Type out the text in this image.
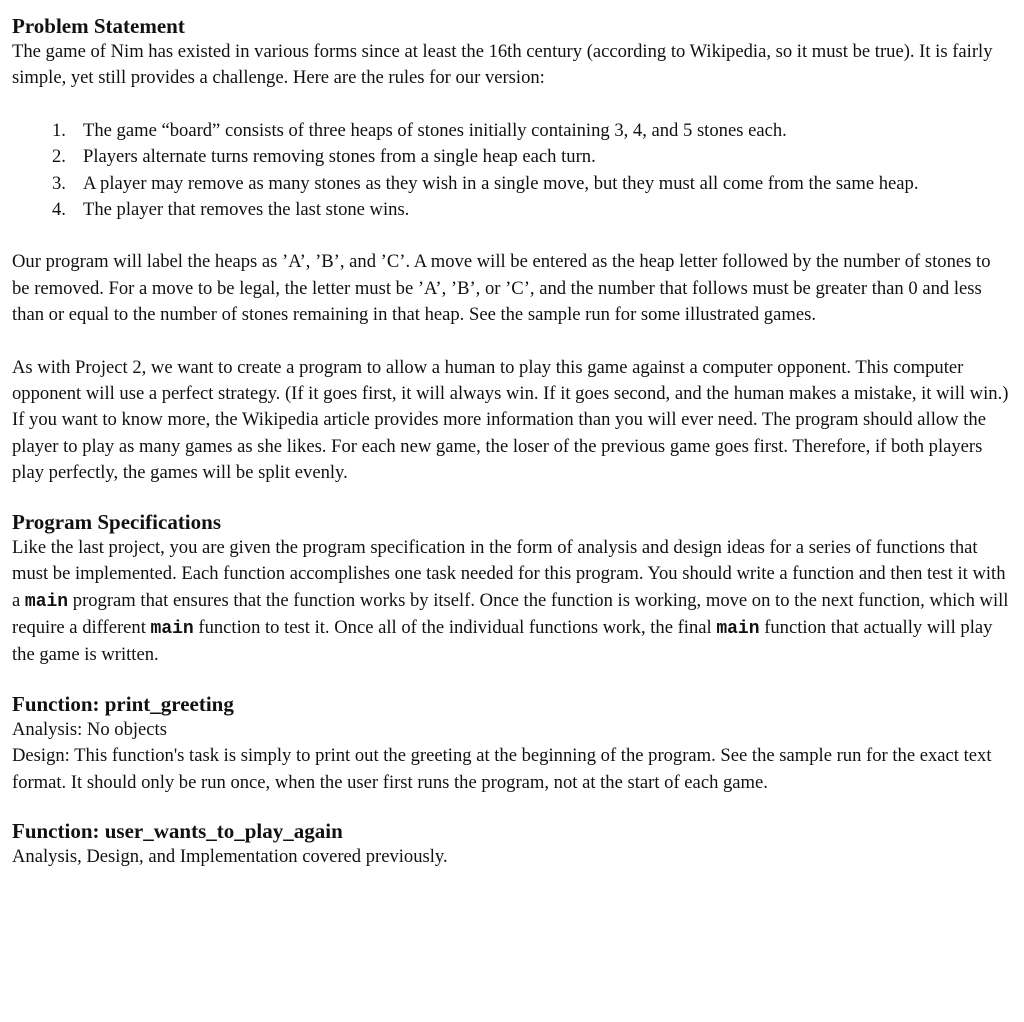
Problem Statement

The game of Nim has existed in various forms since at least the 16th century (according to Wikipedia, so it must be true). It is fairly simple, yet still provides a challenge. Here are the rules for our version:

1. The game “board” consists of three heaps of stones initially containing 3, 4, and 5 stones each.
2. Players alternate turns removing stones from a single heap each turn.
3. A player may remove as many stones as they wish in a single move, but they must all come from the same heap.
4. The player that removes the last stone wins.

Our program will label the heaps as ’A’, ’B’, and ’C’. A move will be entered as the heap letter followed by the number of stones to be removed. For a move to be legal, the letter must be ’A’, ’B’, or ’C’, and the number that follows must be greater than 0 and less than or equal to the number of stones remaining in that heap. See the sample run for some illustrated games.

As with Project 2, we want to create a program to allow a human to play this game against a computer opponent. This computer opponent will use a perfect strategy. (If it goes first, it will always win. If it goes second, and the human makes a mistake, it will win.) If you want to know more, the Wikipedia article provides more information than you will ever need. The program should allow the player to play as many games as she likes. For each new game, the loser of the previous game goes first. Therefore, if both players play perfectly, the games will be split evenly.

Program Specifications

Like the last project, you are given the program specification in the form of analysis and design ideas for a series of functions that must be implemented. Each function accomplishes one task needed for this program. You should write a function and then test it with a main program that ensures that the function works by itself. Once the function is working, move on to the next function, which will require a different main function to test it. Once all of the individual functions work, the final main function that actually will play the game is written.

Function: print_greeting

Analysis: No objects

Design: This function's task is simply to print out the greeting at the beginning of the program. See the sample run for the exact text format. It should only be run once, when the user first runs the program, not at the start of each game.

Function: user_wants_to_play_again

Analysis, Design, and Implementation covered previously.
